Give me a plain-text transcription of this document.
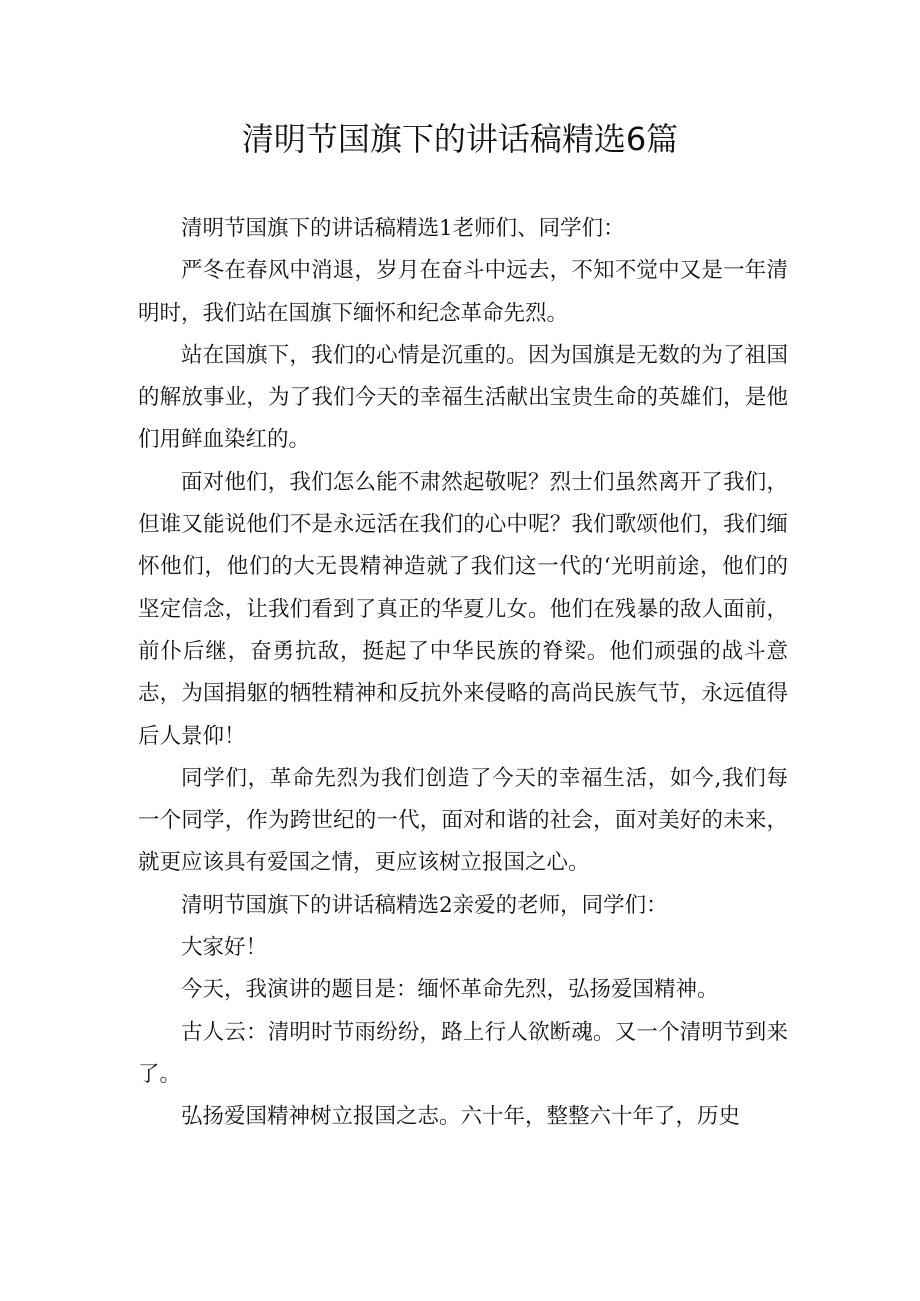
清明节国旗下的讲话稿精选6篇

清明节国旗下的讲话稿精选1老师们、同学们：

严冬在春风中消退，岁月在奋斗中远去，不知不觉中又是一年清明时，我们站在国旗下缅怀和纪念革命先烈。

站在国旗下，我们的心情是沉重的。因为国旗是无数的为了祖国的解放事业，为了我们今天的幸福生活献出宝贵生命的英雄们，是他们用鲜血染红的。

面对他们，我们怎么能不肃然起敬呢？烈士们虽然离开了我们，但谁又能说他们不是永远活在我们的心中呢？我们歌颂他们，我们缅怀他们，他们的大无畏精神造就了我们这一代的‘光明前途，他们的坚定信念，让我们看到了真正的华夏儿女。他们在残暴的敌人面前，前仆后继，奋勇抗敌，挺起了中华民族的脊梁。他们顽强的战斗意志，为国捐躯的牺牲精神和反抗外来侵略的高尚民族气节，永远值得后人景仰！

同学们，革命先烈为我们创造了今天的幸福生活，如今,我们每一个同学，作为跨世纪的一代，面对和谐的社会，面对美好的未来，就更应该具有爱国之情，更应该树立报国之心。

清明节国旗下的讲话稿精选2亲爱的老师，同学们：

大家好！

今天，我演讲的题目是：缅怀革命先烈，弘扬爱国精神。

古人云：清明时节雨纷纷，路上行人欲断魂。又一个清明节到来了。

弘扬爱国精神树立报国之志。六十年，整整六十年了，历史
